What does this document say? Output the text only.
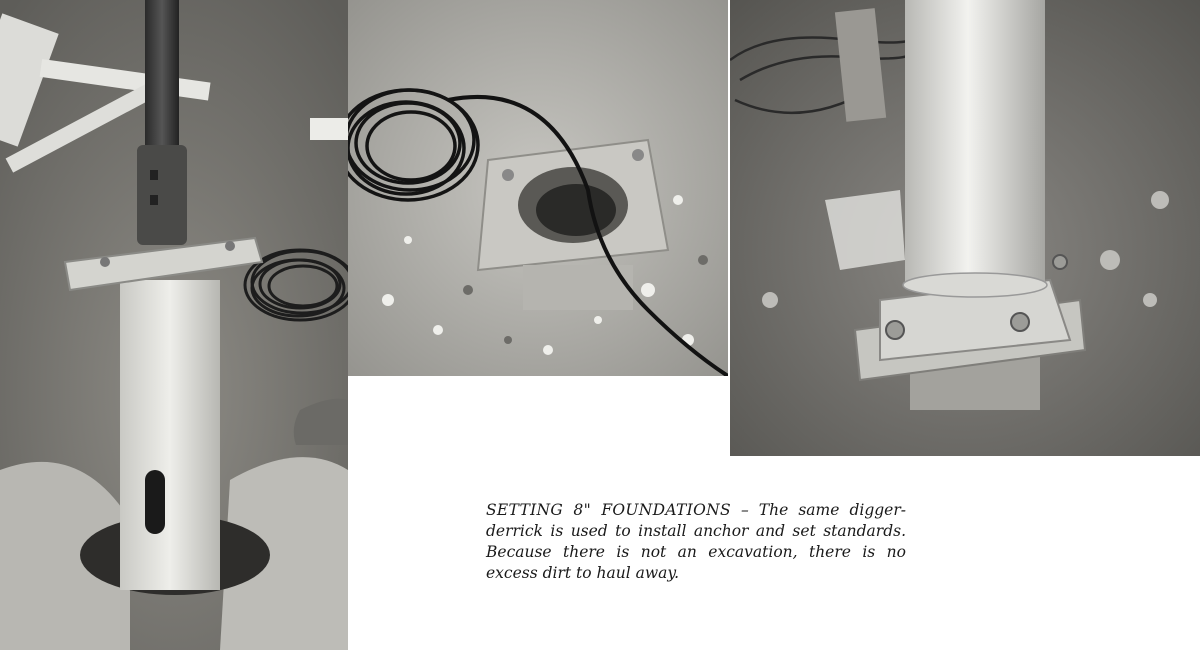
SETTING 8" FOUNDATIONS – The same digger-derrick is used to install anchor and set standards. Because there is not an excavation, there is no excess dirt to haul away.
